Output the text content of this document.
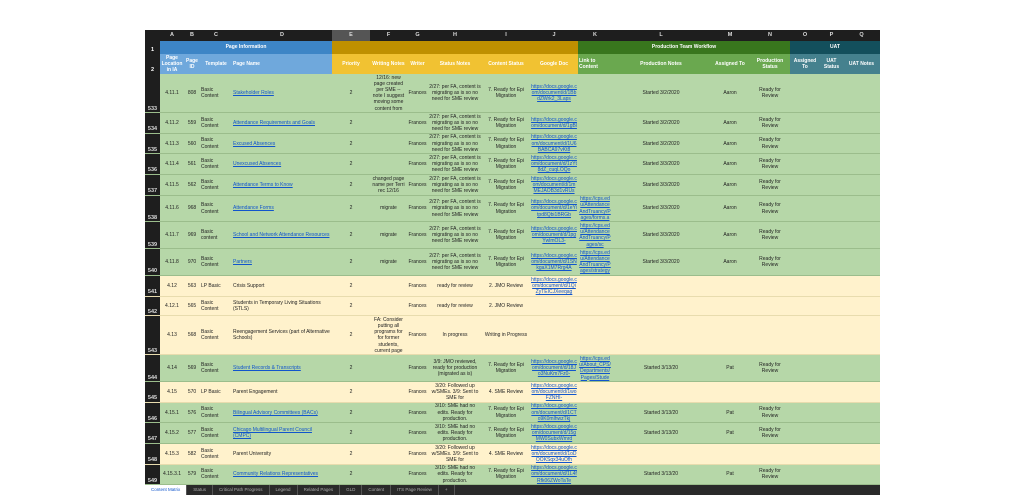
	A	B	C	D	E	F	G	H	I	J	K	L	M	N	O	P	Q
1	Page Information										Production Team Workflow				UAT		
2	Page Location in IA	Page ID	Template	Page Name	Priority	Writing Notes	Writer	Status Notes	Content Status	Google Doc	Link to Content	Production Notes	Assigned To	Production Status	Assigned To	UAT Status	UAT Notes
533	4.11.1	808	Basic Content	Stakeholder Roles	2	12/16: new page created per SME -- note I suggest moving some content from	Frances	2/27: per FA, content is migrating as is so no need for SME review	7. Ready for Epi Migration	https://docs.google.com/document/d/1BbdZWrk2_3Laps		Started 3/2/2020	Aaron	Ready for Review			

534	4.11.2	559	Basic Content	Attendance Requirements and Goals	2		Frances	2/27: per FA, content is migrating as is so no need for SME review	7. Ready for Epi Migration	https://docs.google.com/document/d/1gBl		Started 3/2/2020	Aaron	Ready for Review			

535	4.11.3	560	Basic Content	Excused Absences	2		Frances	2/27: per FA, content is migrating as is so no need for SME review	7. Ready for Epi Migration	https://docs.google.com/document/d/1U6BABCA97vKt8		Started 3/2/2020	Aaron	Ready for Review			

536	4.11.4	561	Basic Content	Unexcused Absences	2		Frances	2/27: per FA, content is migrating as is so no need for SME review	7. Ready for Epi Migration	https://docs.google.com/document/d/1zYt8dZ_cuqLOQo		Started 3/3/2020	Aaron	Ready for Review			

537	4.11.5	562	Basic Content	Attendance Terms to Know	2	changed page name per Terri rec 12/16	Frances	2/27: per FA, content is migrating as is so no need for SME review	7. Ready for Epi Migration	https://docs.google.com/document/d/1mMEJAOB3d1vRUs		Started 3/3/2020	Aaron	Ready for Review			

538	4.11.6	968	Basic Content	Attendance Forms	2	migrate	Frances	2/27: per FA, content is migrating as is so no need for SME review	7. Ready for Epi Migration	https://docs.google.com/document/d/1eYitpd8Qbi1BRGb	https://cps.edu/AttendanceAndTruancy/Pages/forms.a	Started 3/3/2020	Aaron	Ready for Review			

539	4.11.7	969	Basic content	School and Network Attendance Resources	2	migrate	Frances	2/27: per FA, content is migrating as is so no need for SME review	7. Ready for Epi Migration	https://docs.google.com/document/d/1pgYwlmOL3-	https://cps.edu/AttendanceAndTruancy/Pages/sc	Started 3/3/2020	Aaron	Ready for Review			

540	4.11.8	970	Basic Content	Partners	2	migrate	Frances	2/27: per FA, content is migrating as is so no need for SME review	7. Ready for Epi Migration	https://docs.google.com/document/d/1SNkgaX1M7Rrg4A	https://cps.edu/AttendanceAndTruancy/Pages/strategy	Started 3/3/2020	Aaron	Ready for Review			

541	4.12	563	LP Basic	Crisis Support	2		Frances	ready for review	2. JMO Review	https://docs.google.com/document/d/1QiZyTEICJXeeqag							

542	4.12.1	565	Basic Content	Students in Temporary Living Situations (STLS)	2		Frances	ready for review	2. JMO Review								

543	4.13	568	Basic Content	Reengagement Services (part of Alternative Schools)	2	FA: Consider putting all programs for for former students, current page	Frances	In progress	Writing in Progress								

544	4.14	569	Basic Content	Student Records & Transcripts	2		Frances	3/9: JMO reviewed, ready for production (migrated as is)	7. Ready for Epi Migration	https://docs.google.com/document/d/18Jo3NuKm7Fz0-	https://cps.edu/About_CPS/Departments/Pages/Stude	Started 3/13/20	Pat	Ready for Review			

545	4.15	570	LP Basic	Parent Engagement	2		Frances	3/20: Followed up w/SMEs. 3/9: Sent to SME for	4. SME Review	https://docs.google.com/document/d/1woFZNHI-							

546	4.15.1	576	Basic Content	Bilingual Advisory Committees (BACs)	2		Frances	3/10: SME had no edits. Ready for production.	7. Ready for Epi Migration	https://docs.google.com/document/d/1CTo9K0mlhwzTkj		Started 3/13/20	Pat	Ready for Review			

547	4.15.2	577	Basic Content	Chicago Multilingual Parent Council (CMPC)	2		Frances	3/10: SME had no edits. Ready for production.	7. Ready for Epi Migration	https://docs.google.com/document/d/15gMW0SubxWmrd		Started 3/13/20	Pat	Ready for Review			

548	4.15.3	582	Basic Content	Parent University	2		Frances	3/20: Followed up w/SMEs. 3/9: Sent to SME for	4. SME Review	https://docs.google.com/document/d/1oDOOKSqx34uOfh							

549	4.15.3.1	579	Basic Content	Community Relations Representatives	2		Frances	3/10: SME had no edits. Ready for production.	7. Ready for Epi Migration	https://docs.google.com/document/d/1L4fRfk06ZWoTaTe		Started 3/13/20	Pat	Ready for Review			

Content Matrix	Status	Critical Path Progress	Legend	Related Pages	GLD	Content	ITS Page Review	+
